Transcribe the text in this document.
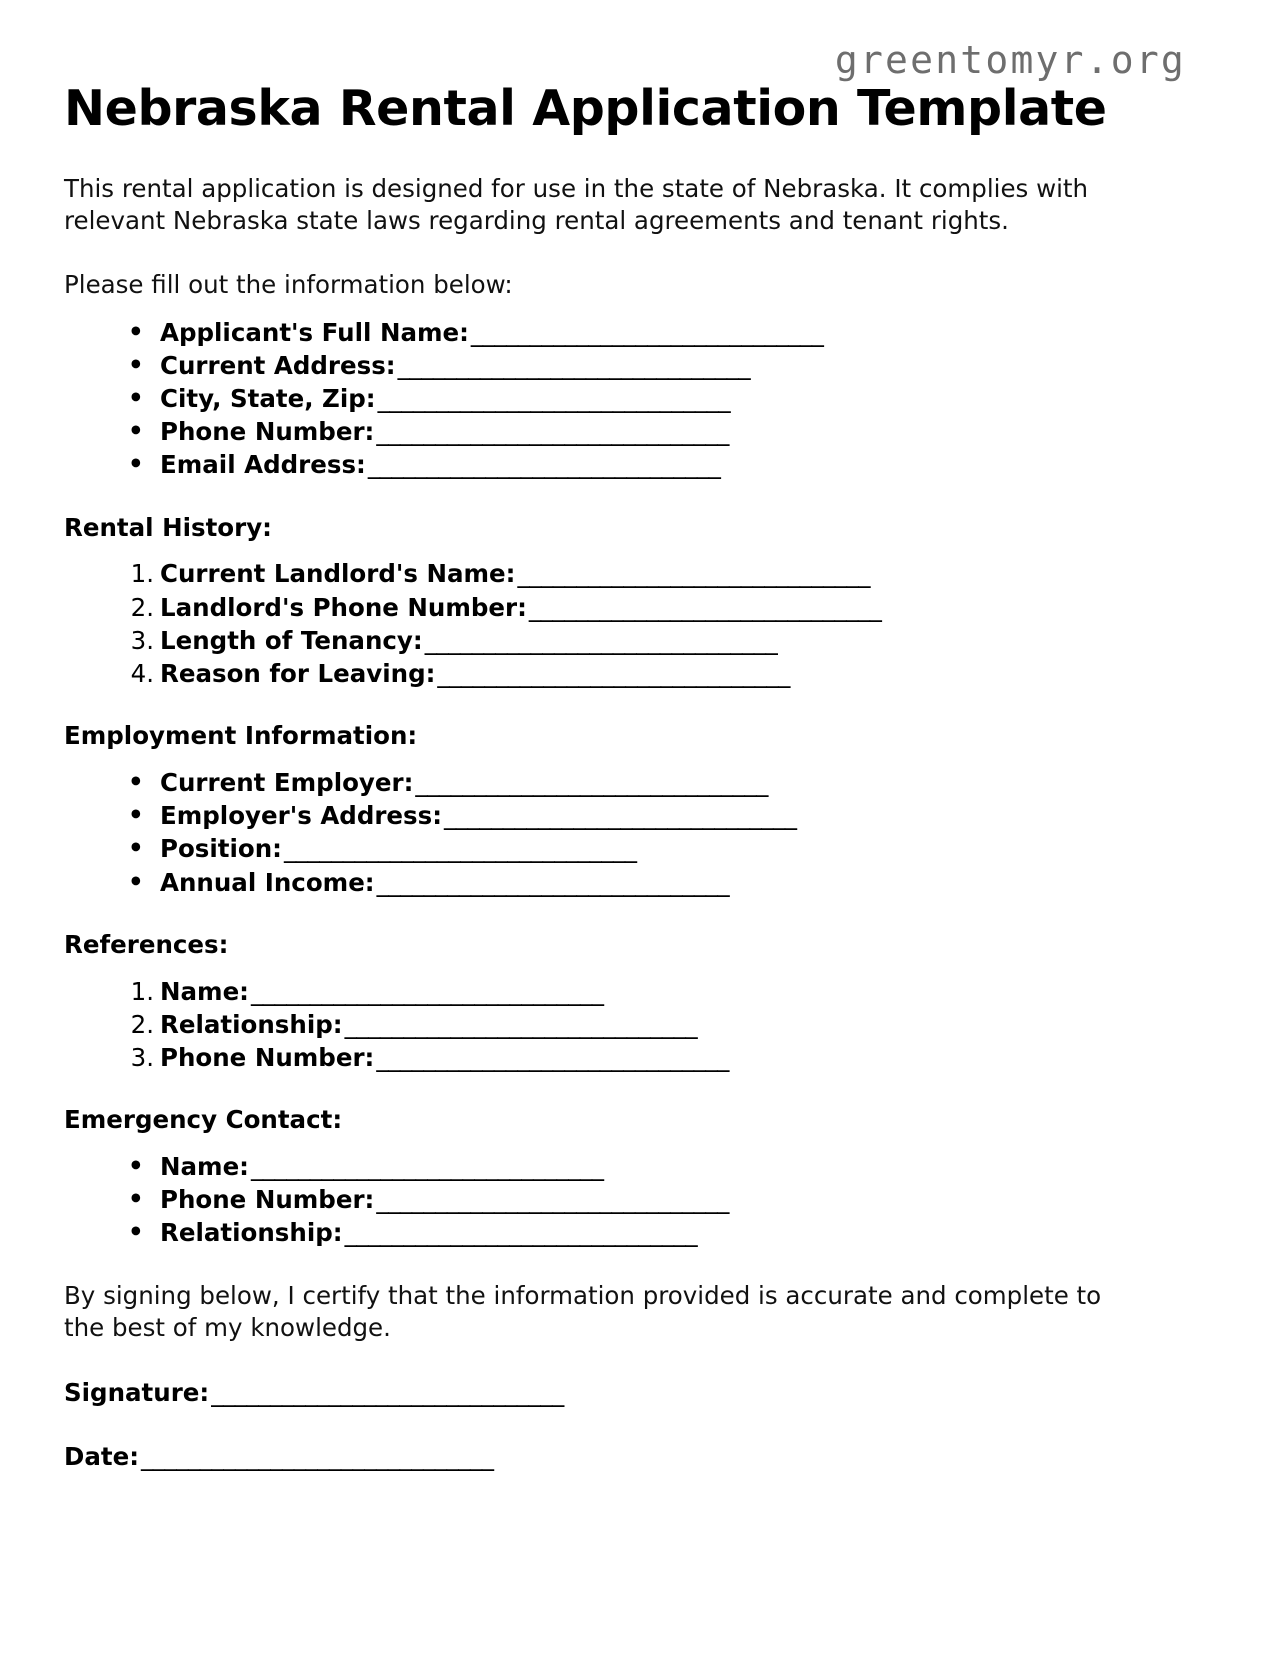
greentomyr.org
Nebraska Rental Application Template

This rental application is designed for use in the state of Nebraska. It complies with relevant Nebraska state laws regarding rental agreements and tenant rights.

Please fill out the information below:

• Applicant's Full Name:______________________________
• Current Address:______________________________
• City, State, Zip:______________________________
• Phone Number:______________________________
• Email Address:______________________________
Rental History:
Current Landlord's Name:______________________________
Landlord's Phone Number:______________________________
Length of Tenancy:______________________________
Reason for Leaving:______________________________
Employment Information:
• Current Employer:______________________________
• Employer's Address:______________________________
• Position:______________________________
• Annual Income:______________________________
References:
Name:______________________________
Relationship:______________________________
Phone Number:______________________________
Emergency Contact:
• Name:______________________________
• Phone Number:______________________________
• Relationship:______________________________

By signing below, I certify that the information provided is accurate and complete to the best of my knowledge.

Signature:______________________________

Date:______________________________
